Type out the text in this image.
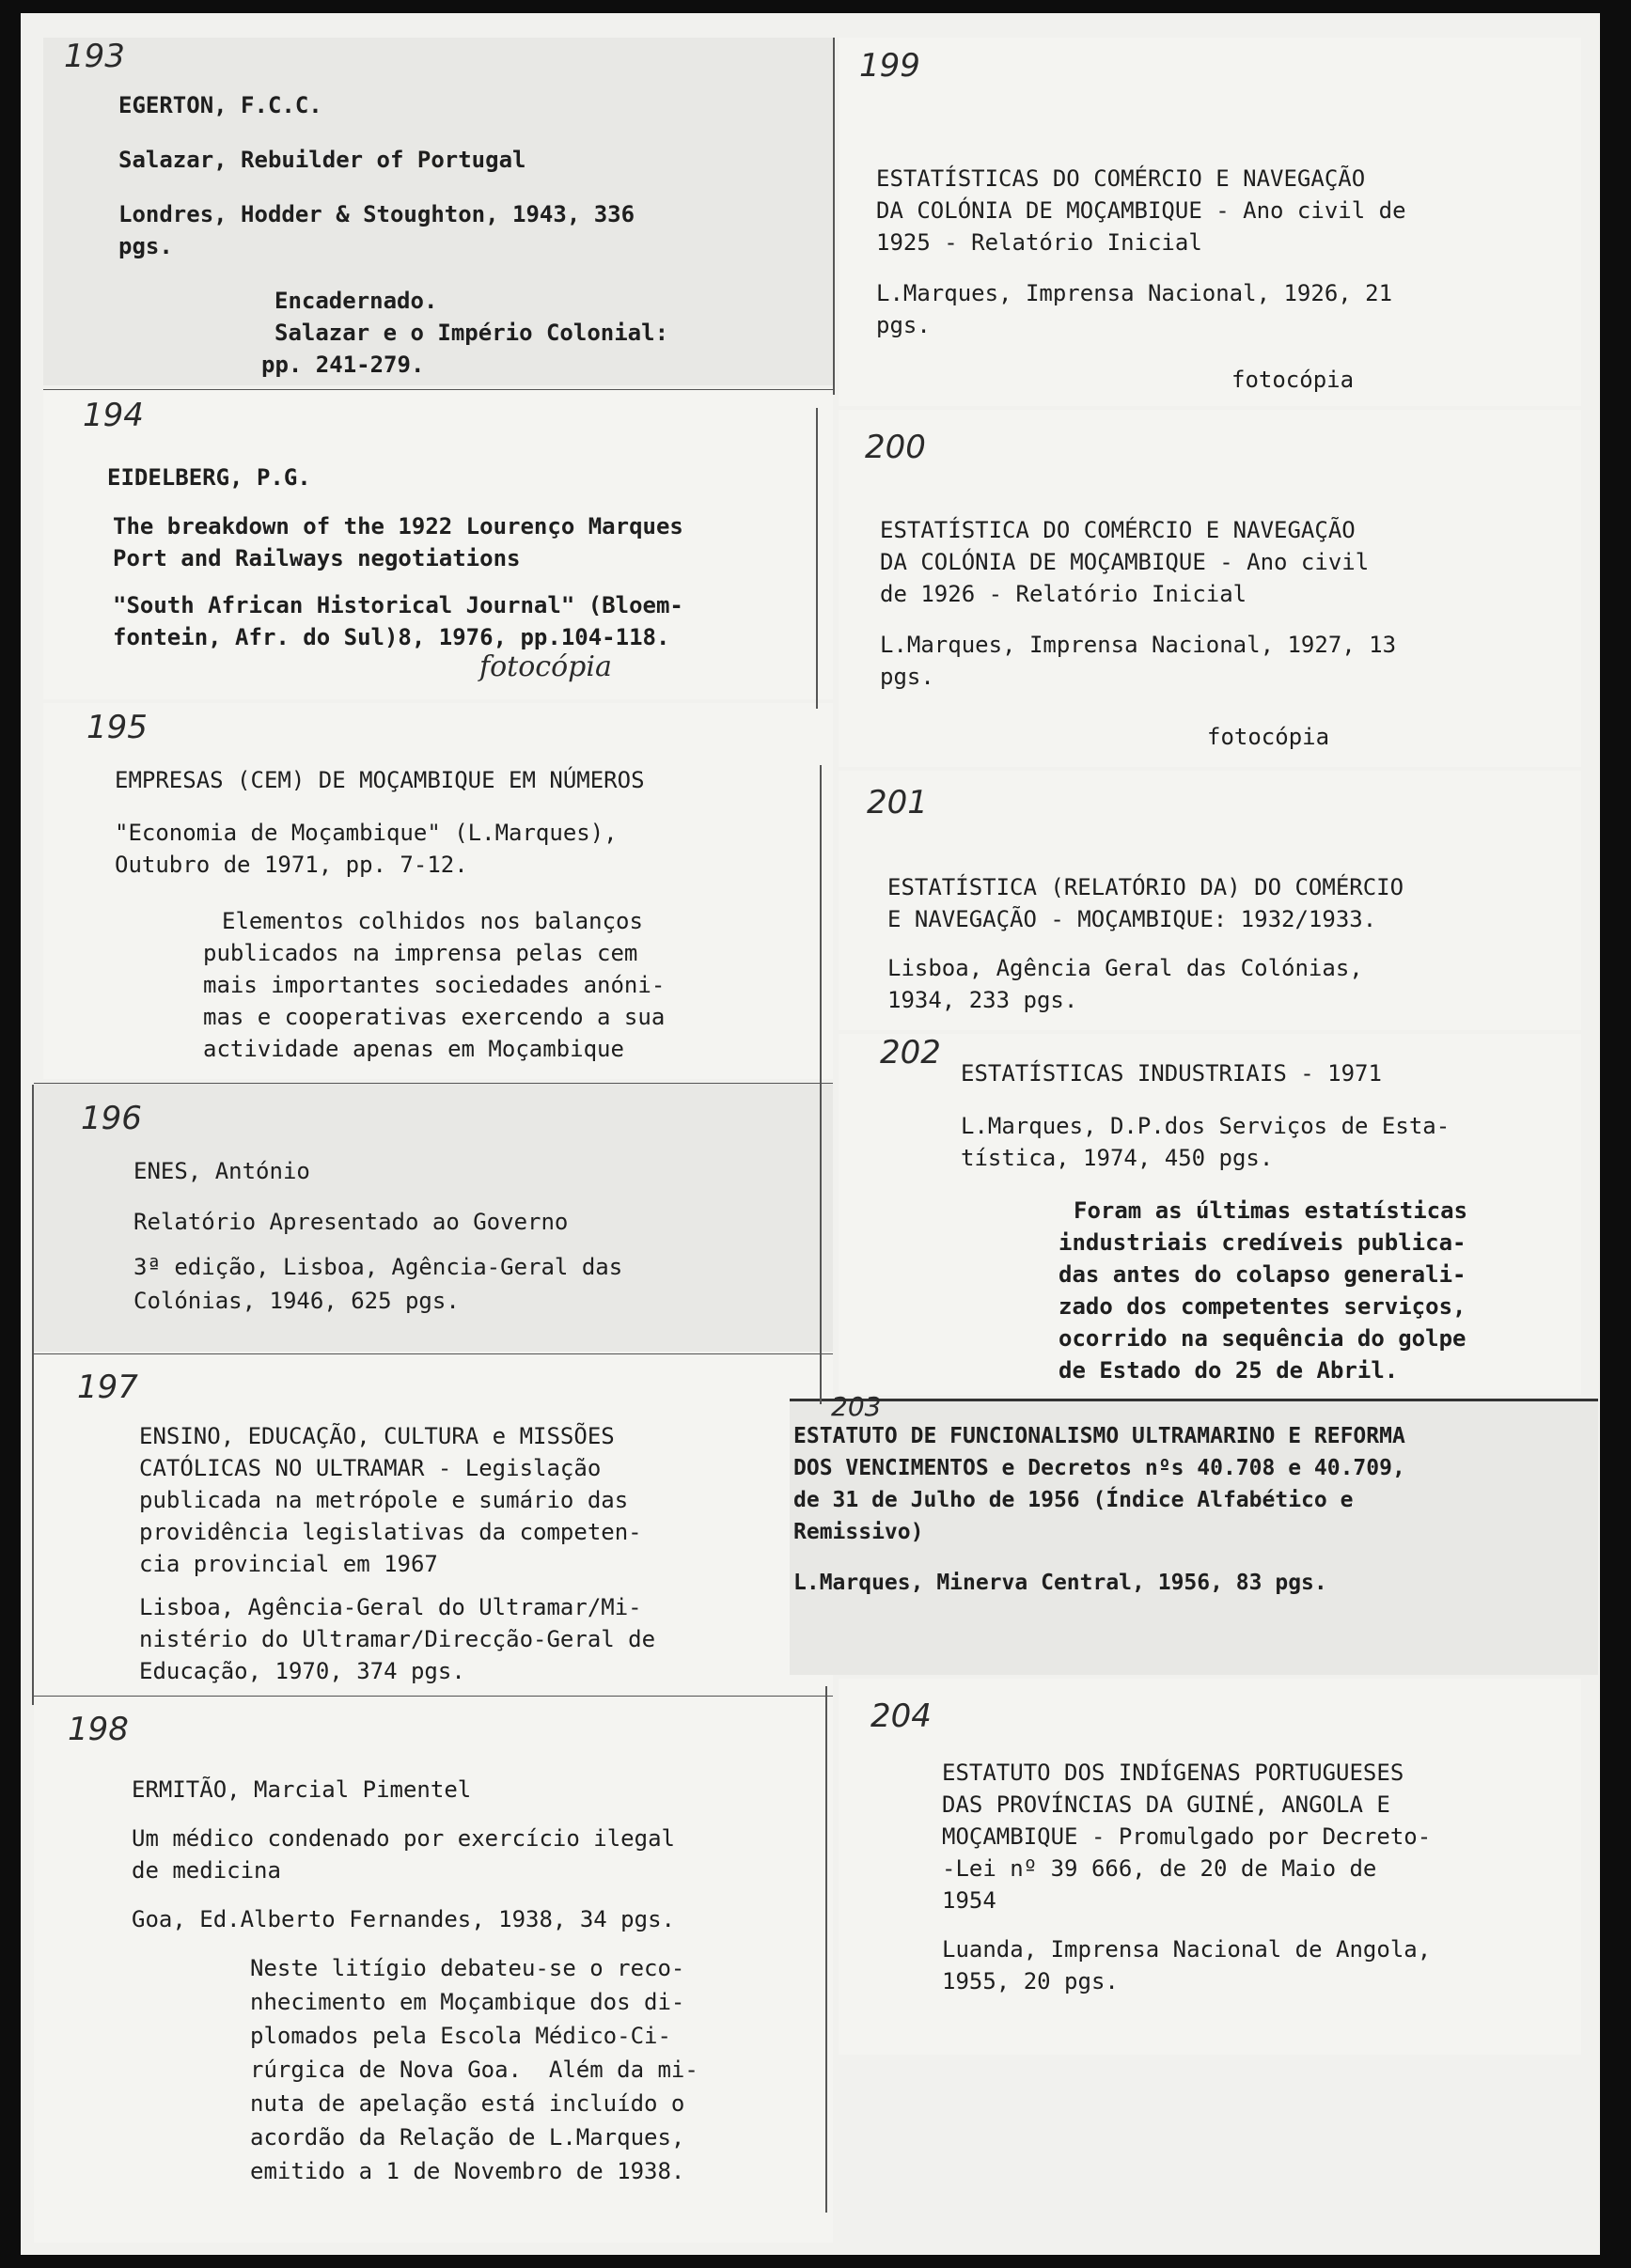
193
EGERTON, F.C.C.
Salazar, Rebuilder of Portugal
Londres, Hodder & Stoughton, 1943, 336
pgs.
Encadernado.
Salazar e o Império Colonial:
pp. 241-279.
194
EIDELBERG, P.G.
The breakdown of the 1922 Lourenço Marques
Port and Railways negotiations
"South African Historical Journal" (Bloem-
fontein, Afr. do Sul)8, 1976, pp.104-118.
fotocópia
195
EMPRESAS (CEM) DE MOÇAMBIQUE EM NÚMEROS
"Economia de Moçambique" (L.Marques),
Outubro de 1971, pp. 7-12.
Elementos colhidos nos balanços
publicados na imprensa pelas cem
mais importantes sociedades anóni-
mas e cooperativas exercendo a sua
actividade apenas em Moçambique
196
ENES, António
Relatório Apresentado ao Governo
3ª edição, Lisboa, Agência-Geral das
Colónias, 1946, 625 pgs.
197
ENSINO, EDUCAÇÃO, CULTURA e MISSÕES
CATÓLICAS NO ULTRAMAR - Legislação
publicada na metrópole e sumário das
providência legislativas da competen-
cia provincial em 1967
Lisboa, Agência-Geral do Ultramar/Mi-
nistério do Ultramar/Direcção-Geral de
Educação, 1970, 374 pgs.
198
ERMITÃO, Marcial Pimentel
Um médico condenado por exercício ilegal
de medicina
Goa, Ed.Alberto Fernandes, 1938, 34 pgs.
Neste litígio debateu-se o reco-
nhecimento em Moçambique dos di-
plomados pela Escola Médico-Ci-
rúrgica de Nova Goa.  Além da mi-
nuta de apelação está incluído o
acordão da Relação de L.Marques,
emitido a 1 de Novembro de 1938.
199
ESTATÍSTICAS DO COMÉRCIO E NAVEGAÇÃO
DA COLÓNIA DE MOÇAMBIQUE - Ano civil de
1925 - Relatório Inicial
L.Marques, Imprensa Nacional, 1926, 21
pgs.
fotocópia
200
ESTATÍSTICA DO COMÉRCIO E NAVEGAÇÃO
DA COLÓNIA DE MOÇAMBIQUE - Ano civil
de 1926 - Relatório Inicial
L.Marques, Imprensa Nacional, 1927, 13
pgs.
fotocópia
201
ESTATÍSTICA (RELATÓRIO DA) DO COMÉRCIO
E NAVEGAÇÃO - MOÇAMBIQUE: 1932/1933.
Lisboa, Agência Geral das Colónias,
1934, 233 pgs.
202
ESTATÍSTICAS INDUSTRIAIS - 1971
L.Marques, D.P.dos Serviços de Esta-
tística, 1974, 450 pgs.
Foram as últimas estatísticas
industriais credíveis publica-
das antes do colapso generali-
zado dos competentes serviços,
ocorrido na sequência do golpe
de Estado do 25 de Abril.
203
ESTATUTO DE FUNCIONALISMO ULTRAMARINO E REFORMA
DOS VENCIMENTOS e Decretos nºs 40.708 e 40.709,
de 31 de Julho de 1956 (Índice Alfabético e
Remissivo)
L.Marques, Minerva Central, 1956, 83 pgs.
204
ESTATUTO DOS INDÍGENAS PORTUGUESES
DAS PROVÍNCIAS DA GUINÉ, ANGOLA E
MOÇAMBIQUE - Promulgado por Decreto-
-Lei nº 39 666, de 20 de Maio de
1954
Luanda, Imprensa Nacional de Angola,
1955, 20 pgs.
